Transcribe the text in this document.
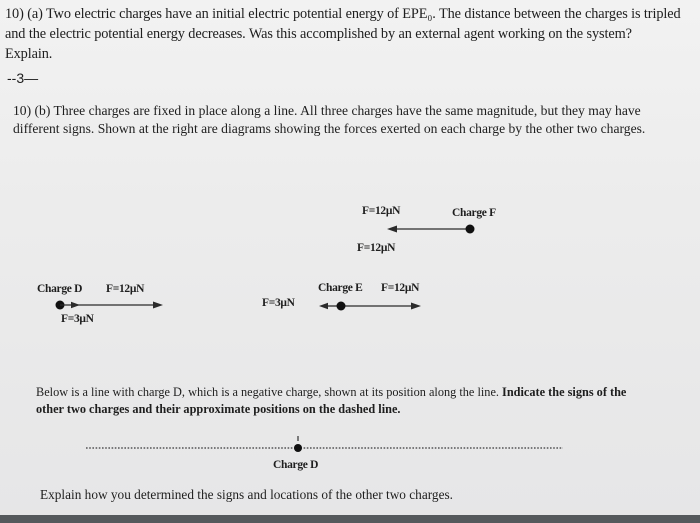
10) (a) Two electric charges have an initial electric potential energy of EPE₀. The distance between the charges is tripled
and the electric potential energy decreases. Was this accomplished by an external agent working on the system?
Explain.
--3—
10) (b) Three charges are fixed in place along a line. All three charges have the same magnitude, but they may have
different signs. Shown at the right are diagrams showing the forces exerted on each charge by the other two charges.
F=12μN	Charge F
F=12μN
Charge D F=12μN
F=3μN
Charge E F=12μN
F=3μN
Below is a line with charge D, which is a negative charge, shown at its position along the line. Indicate the signs of the
other two charges and their approximate positions on the dashed line.
Charge D
Explain how you determined the signs and locations of the other two charges.
